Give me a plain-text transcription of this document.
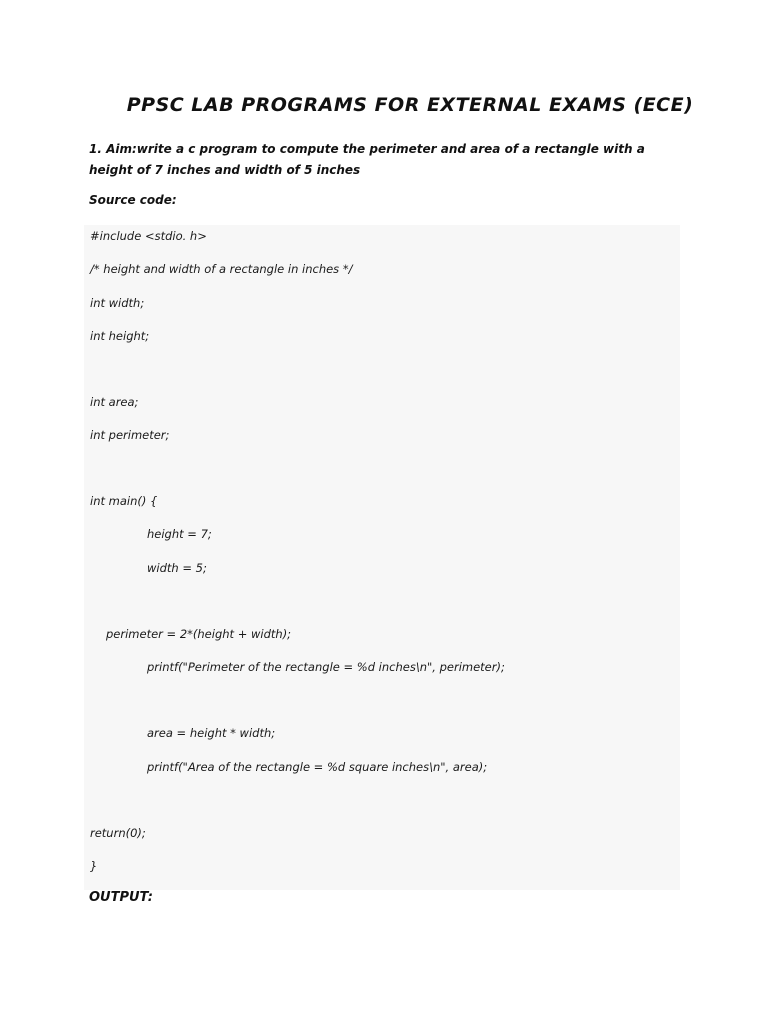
PPSC LAB PROGRAMS FOR EXTERNAL EXAMS (ECE)
1. Aim:write a c program to compute the perimeter and area of a rectangle with a height of 7 inches and width of 5 inches
Source code:
#include <stdio. h>
/* height and width of a rectangle in inches */
int width;
int height;
int area;
int perimeter;
int main() {
height = 7;
width = 5;
perimeter = 2*(height + width);
printf("Perimeter of the rectangle = %d inches\n", perimeter);
area = height * width;
printf("Area of the rectangle = %d square inches\n", area);
return(0);
}
OUTPUT:
